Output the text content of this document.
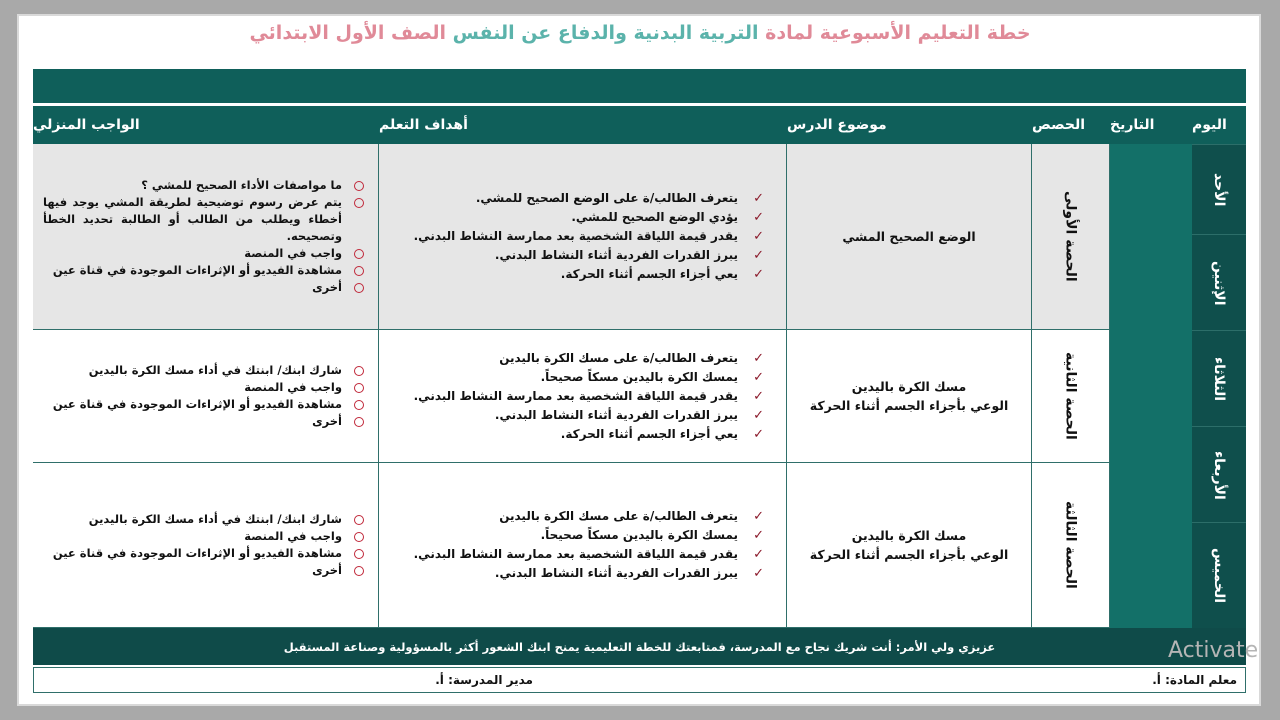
خطة التعليم الأسبوعية لمادة التربية البدنية والدفاع عن النفس الصف الأول الابتدائي
اليوم
التاريخ
الحصص
موضوع الدرس
أهداف التعلم
الواجب المنزلي
الأحد
الإثنين
الثلاثاء
الأربعاء
الخميس
الحصة الأولى
الوضع الصحيح المشي
✓
يتعرف الطالب/ة على الوضع الصحيح للمشي.
✓
يؤدي الوضع الصحيح للمشي.
✓
يقدر قيمة اللياقة الشخصية بعد ممارسة النشاط البدني.
✓
يبرز القدرات الفردية أثناء النشاط البدني.
✓
يعي أجزاء الجسم أثناء الحركة.
ما مواصفات الأداء الصحيح للمشي ؟
يتم عرض رسوم توضيحية لطريقة المشي يوجد فيها أخطاء ويطلب من الطالب أو الطالبة تحديد الخطأ وتصحيحه.
واجب في المنصة
مشاهدة الفيديو أو الإثراءات الموجودة في قناة عين
أخرى
الحصة الثانية
مسك الكرة باليدين
الوعي بأجزاء الجسم أثناء الحركة
✓
يتعرف الطالب/ة على مسك الكرة باليدين
✓
يمسك الكرة باليدين مسكاً صحيحاً.
✓
يقدر قيمة اللياقة الشخصية بعد ممارسة النشاط البدني.
✓
يبرز القدرات الفردية أثناء النشاط البدني.
✓
يعي أجزاء الجسم أثناء الحركة.
شارك ابنك/ ابنتك في أداء مسك الكرة باليدين
واجب في المنصة
مشاهدة الفيديو أو الإثراءات الموجودة في قناة عين
أخرى
الحصة الثالثة
مسك الكرة باليدين
الوعي بأجزاء الجسم أثناء الحركة
✓
يتعرف الطالب/ة على مسك الكرة باليدين
✓
يمسك الكرة باليدين مسكاً صحيحاً.
✓
يقدر قيمة اللياقة الشخصية بعد ممارسة النشاط البدني.
✓
يبرز القدرات الفردية أثناء النشاط البدني.
شارك ابنك/ ابنتك في أداء مسك الكرة باليدين
واجب في المنصة
مشاهدة الفيديو أو الإثراءات الموجودة في قناة عين
أخرى
عزيزي ولي الأمر: أنت شريك نجاح مع المدرسة، فمتابعتك للخطة التعليمية يمنح ابنك الشعور أكثر بالمسؤولية وصناعة المستقبل
معلم المادة: أ.
مدير المدرسة: أ.
Activate
